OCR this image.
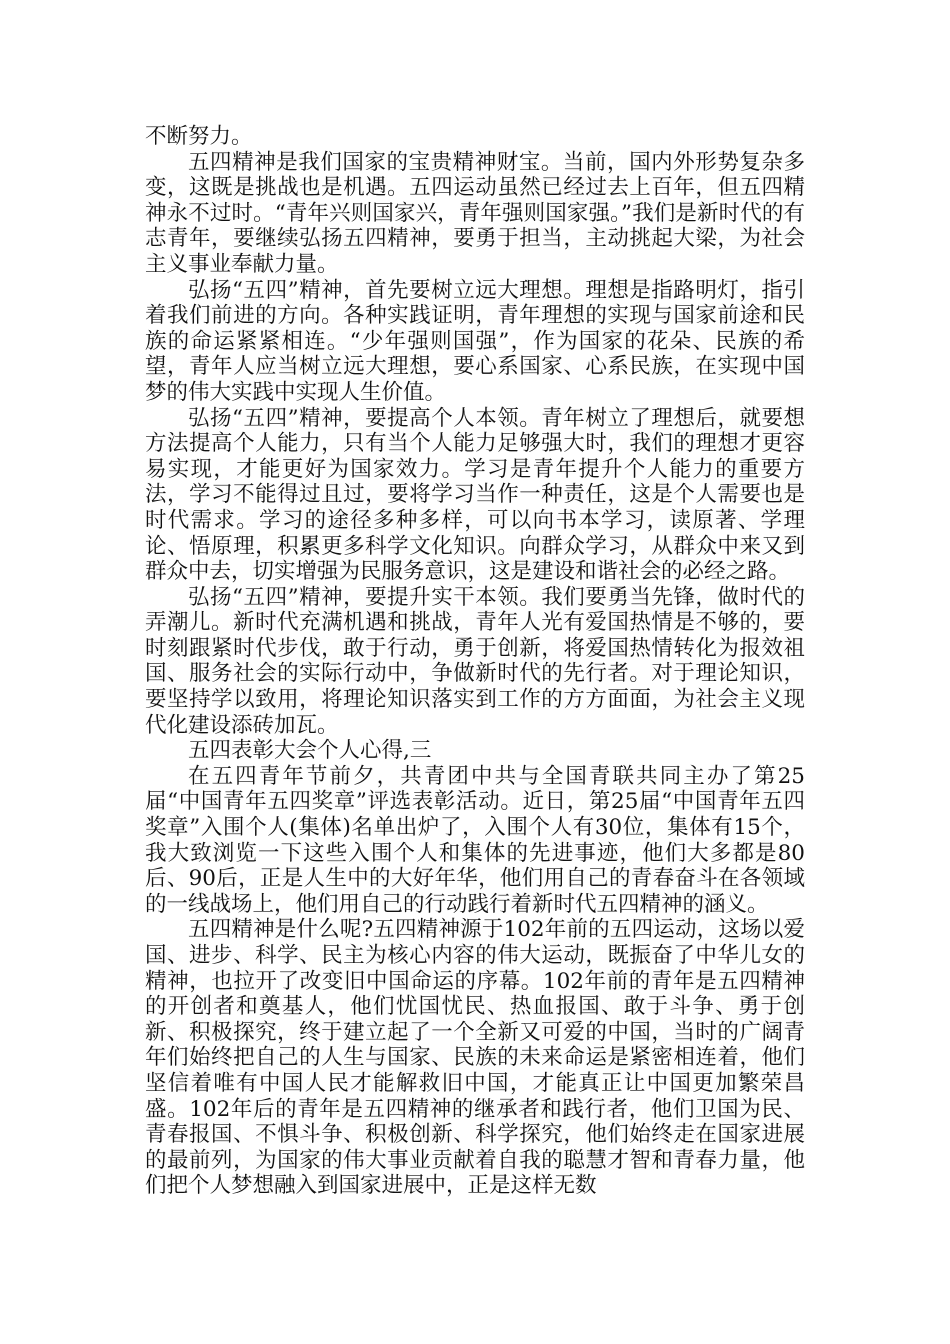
不断努力。

五四精神是我们国家的宝贵精神财宝。当前，国内外形势复杂多变，这既是挑战也是机遇。五四运动虽然已经过去上百年，但五四精神永不过时。“青年兴则国家兴，青年强则国家强。”我们是新时代的有志青年，要继续弘扬五四精神，要勇于担当，主动挑起大梁，为社会主义事业奉献力量。

弘扬“五四”精神，首先要树立远大理想。理想是指路明灯，指引着我们前进的方向。各种实践证明，青年理想的实现与国家前途和民族的命运紧紧相连。“少年强则国强”，作为国家的花朵、民族的希望，青年人应当树立远大理想，要心系国家、心系民族，在实现中国梦的伟大实践中实现人生价值。

弘扬“五四”精神，要提高个人本领。青年树立了理想后，就要想方法提高个人能力，只有当个人能力足够强大时，我们的理想才更容易实现，才能更好为国家效力。学习是青年提升个人能力的重要方法，学习不能得过且过，要将学习当作一种责任，这是个人需要也是时代需求。学习的途径多种多样，可以向书本学习，读原著、学理论、悟原理，积累更多科学文化知识。向群众学习，从群众中来又到群众中去，切实增强为民服务意识，这是建设和谐社会的必经之路。

弘扬“五四”精神，要提升实干本领。我们要勇当先锋，做时代的弄潮儿。新时代充满机遇和挑战，青年人光有爱国热情是不够的，要时刻跟紧时代步伐，敢于行动，勇于创新，将爱国热情转化为报效祖国、服务社会的实际行动中，争做新时代的先行者。对于理论知识，要坚持学以致用，将理论知识落实到工作的方方面面，为社会主义现代化建设添砖加瓦。

五四表彰大会个人心得,三

在五四青年节前夕，共青团中共与全国青联共同主办了第25届“中国青年五四奖章”评选表彰活动。近日，第25届“中国青年五四奖章”入围个人(集体)名单出炉了，入围个人有30位，集体有15个，我大致浏览一下这些入围个人和集体的先进事迹，他们大多都是80后、90后，正是人生中的大好年华，他们用自己的青春奋斗在各领域的一线战场上，他们用自己的行动践行着新时代五四精神的涵义。

五四精神是什么呢?五四精神源于102年前的五四运动，这场以爱国、进步、科学、民主为核心内容的伟大运动，既振奋了中华儿女的精神，也拉开了改变旧中国命运的序幕。102年前的青年是五四精神的开创者和奠基人，他们忧国忧民、热血报国、敢于斗争、勇于创新、积极探究，终于建立起了一个全新又可爱的中国，当时的广阔青年们始终把自己的人生与国家、民族的未来命运是紧密相连着，他们坚信着唯有中国人民才能解救旧中国，才能真正让中国更加繁荣昌盛。102年后的青年是五四精神的继承者和践行者，他们卫国为民、青春报国、不惧斗争、积极创新、科学探究，他们始终走在国家进展的最前列，为国家的伟大事业贡献着自我的聪慧才智和青春力量，他们把个人梦想融入到国家进展中，正是这样无数
